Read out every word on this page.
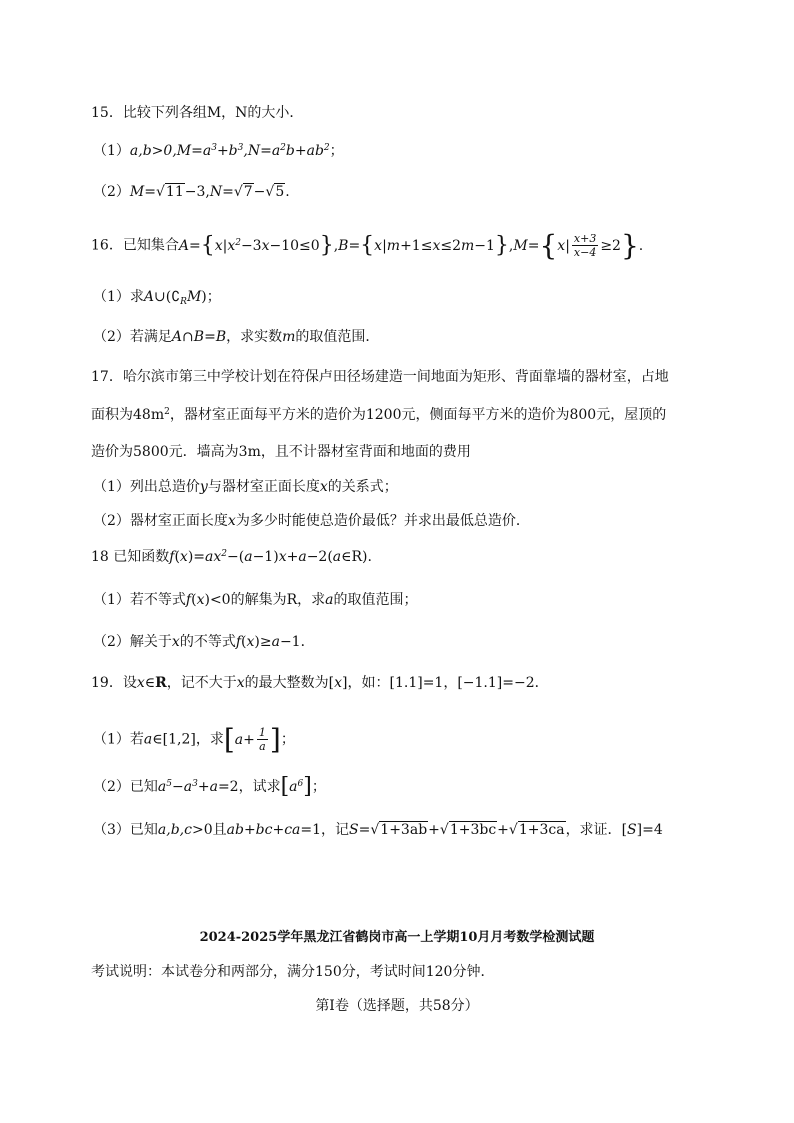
15．比较下列各组M，N的大小．
$(1)a,b>0,M=a^3+b^3,N=a^2b+ab^2$；
（2）M=√11−3,N=√7−√5.
16．已知集合$A=\{x|x^2-3x-10\le 0\},B=\{x|m+1\le x\le 2m-1\},M=\{x| \frac{x+3}{x-4} \ge 2\}$.
（1）求$A\cup(∁_RM)$；
（2）若满足A∩B=B，求实数m的取值范围．
17．哈尔滨市第三中学校计划在符保卢田径场建造一间地面为矩形、背面靠墙的器材室，占地
面积为$48m^2$，器材室正面每平方米的造价为1200元，侧面每平方米的造价为800元，屋顶的
造价为5800元．墙高为3m，且不计器材室背面和地面的费用
（1）列出总造价y与器材室正面长度x的关系式；
（2）器材室正面长度x为多少时能使总造价最低？并求出最低总造价．
18 已知函数$f(x)=ax^2-(a-1)x+a-2(a\in R)$.
（1）若不等式f(x)<0的解集为R，求a的取值范围；
（2）解关于x的不等式f(x)≥a−1．
19．设x∈R，记不大于x的最大整数为[x]，如：[1.1]=1，[−1.1]=−2．
（1）若a∈[1,2]，求[$a+ \frac{1}{a}$ ]；
（2）已知$a^5-a^3+a=2$，试求$[a^6]$；
（3）已知a,b,c>0且ab+bc+ca=1，记S=√1+3ab+√1+3bc+√1+3ca，求证．[S]=4
2024-2025学年黑龙江省鹤岗市高一上学期10月月考数学检测试题
考试说明：本试卷分和两部分，满分150分，考试时间120分钟．
第Ⅰ卷（选择题，共58分）
